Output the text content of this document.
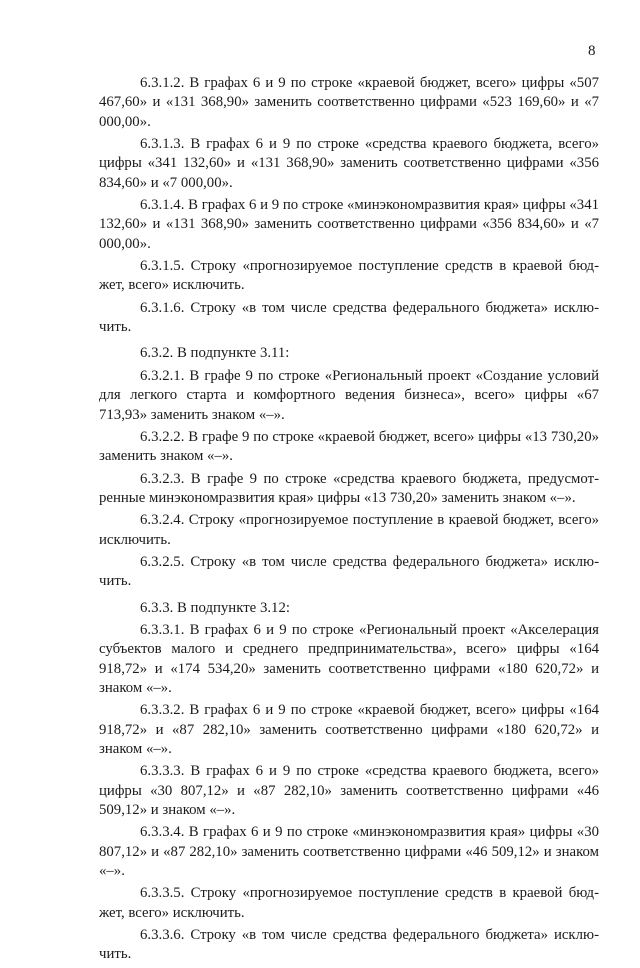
8

6.3.1.2. В графах 6 и 9 по строке «краевой бюджет, всего» цифры «507 467,60» и «131 368,90» заменить соответственно цифрами «523 169,60» и «7 000,00».

6.3.1.3. В графах 6 и 9 по строке «средства краевого бюджета, всего» цифры «341 132,60» и «131 368,90» заменить соответственно цифрами «356 834,60» и «7 000,00».

6.3.1.4. В графах 6 и 9 по строке «минэкономразвития края» цифры «341 132,60» и «131 368,90» заменить соответственно цифрами «356 834,60» и «7 000,00».

6.3.1.5. Строку «прогнозируемое поступление средств в краевой бюджет, всего» исключить.

6.3.1.6. Строку «в том числе средства федерального бюджета» исключить.

6.3.2. В подпункте 3.11:

6.3.2.1. В графе 9 по строке «Региональный проект «Создание условий для легкого старта и комфортного ведения бизнеса», всего» цифры «67 713,93» заменить знаком «–».

6.3.2.2. В графе 9 по строке «краевой бюджет, всего» цифры «13 730,20» заменить знаком «–».

6.3.2.3. В графе 9 по строке «средства краевого бюджета, предусмотренные минэкономразвития края» цифры «13 730,20» заменить знаком «–».

6.3.2.4. Строку «прогнозируемое поступление в краевой бюджет, всего» исключить.

6.3.2.5. Строку «в том числе средства федерального бюджета» исключить.

6.3.3. В подпункте 3.12:

6.3.3.1. В графах 6 и 9 по строке «Региональный проект «Акселерация субъектов малого и среднего предпринимательства», всего» цифры «164 918,72» и «174 534,20» заменить соответственно цифрами «180 620,72» и знаком «–».

6.3.3.2. В графах 6 и 9 по строке «краевой бюджет, всего» цифры «164 918,72» и «87 282,10» заменить соответственно цифрами «180 620,72» и знаком «–».

6.3.3.3. В графах 6 и 9 по строке «средства краевого бюджета, всего» цифры «30 807,12» и «87 282,10» заменить соответственно цифрами «46 509,12» и знаком «–».

6.3.3.4. В графах 6 и 9 по строке «минэкономразвития края» цифры «30 807,12» и «87 282,10» заменить соответственно цифрами «46 509,12» и знаком «–».

6.3.3.5. Строку «прогнозируемое поступление средств в краевой бюджет, всего» исключить.

6.3.3.6. Строку «в том числе средства федерального бюджета» исключить.
